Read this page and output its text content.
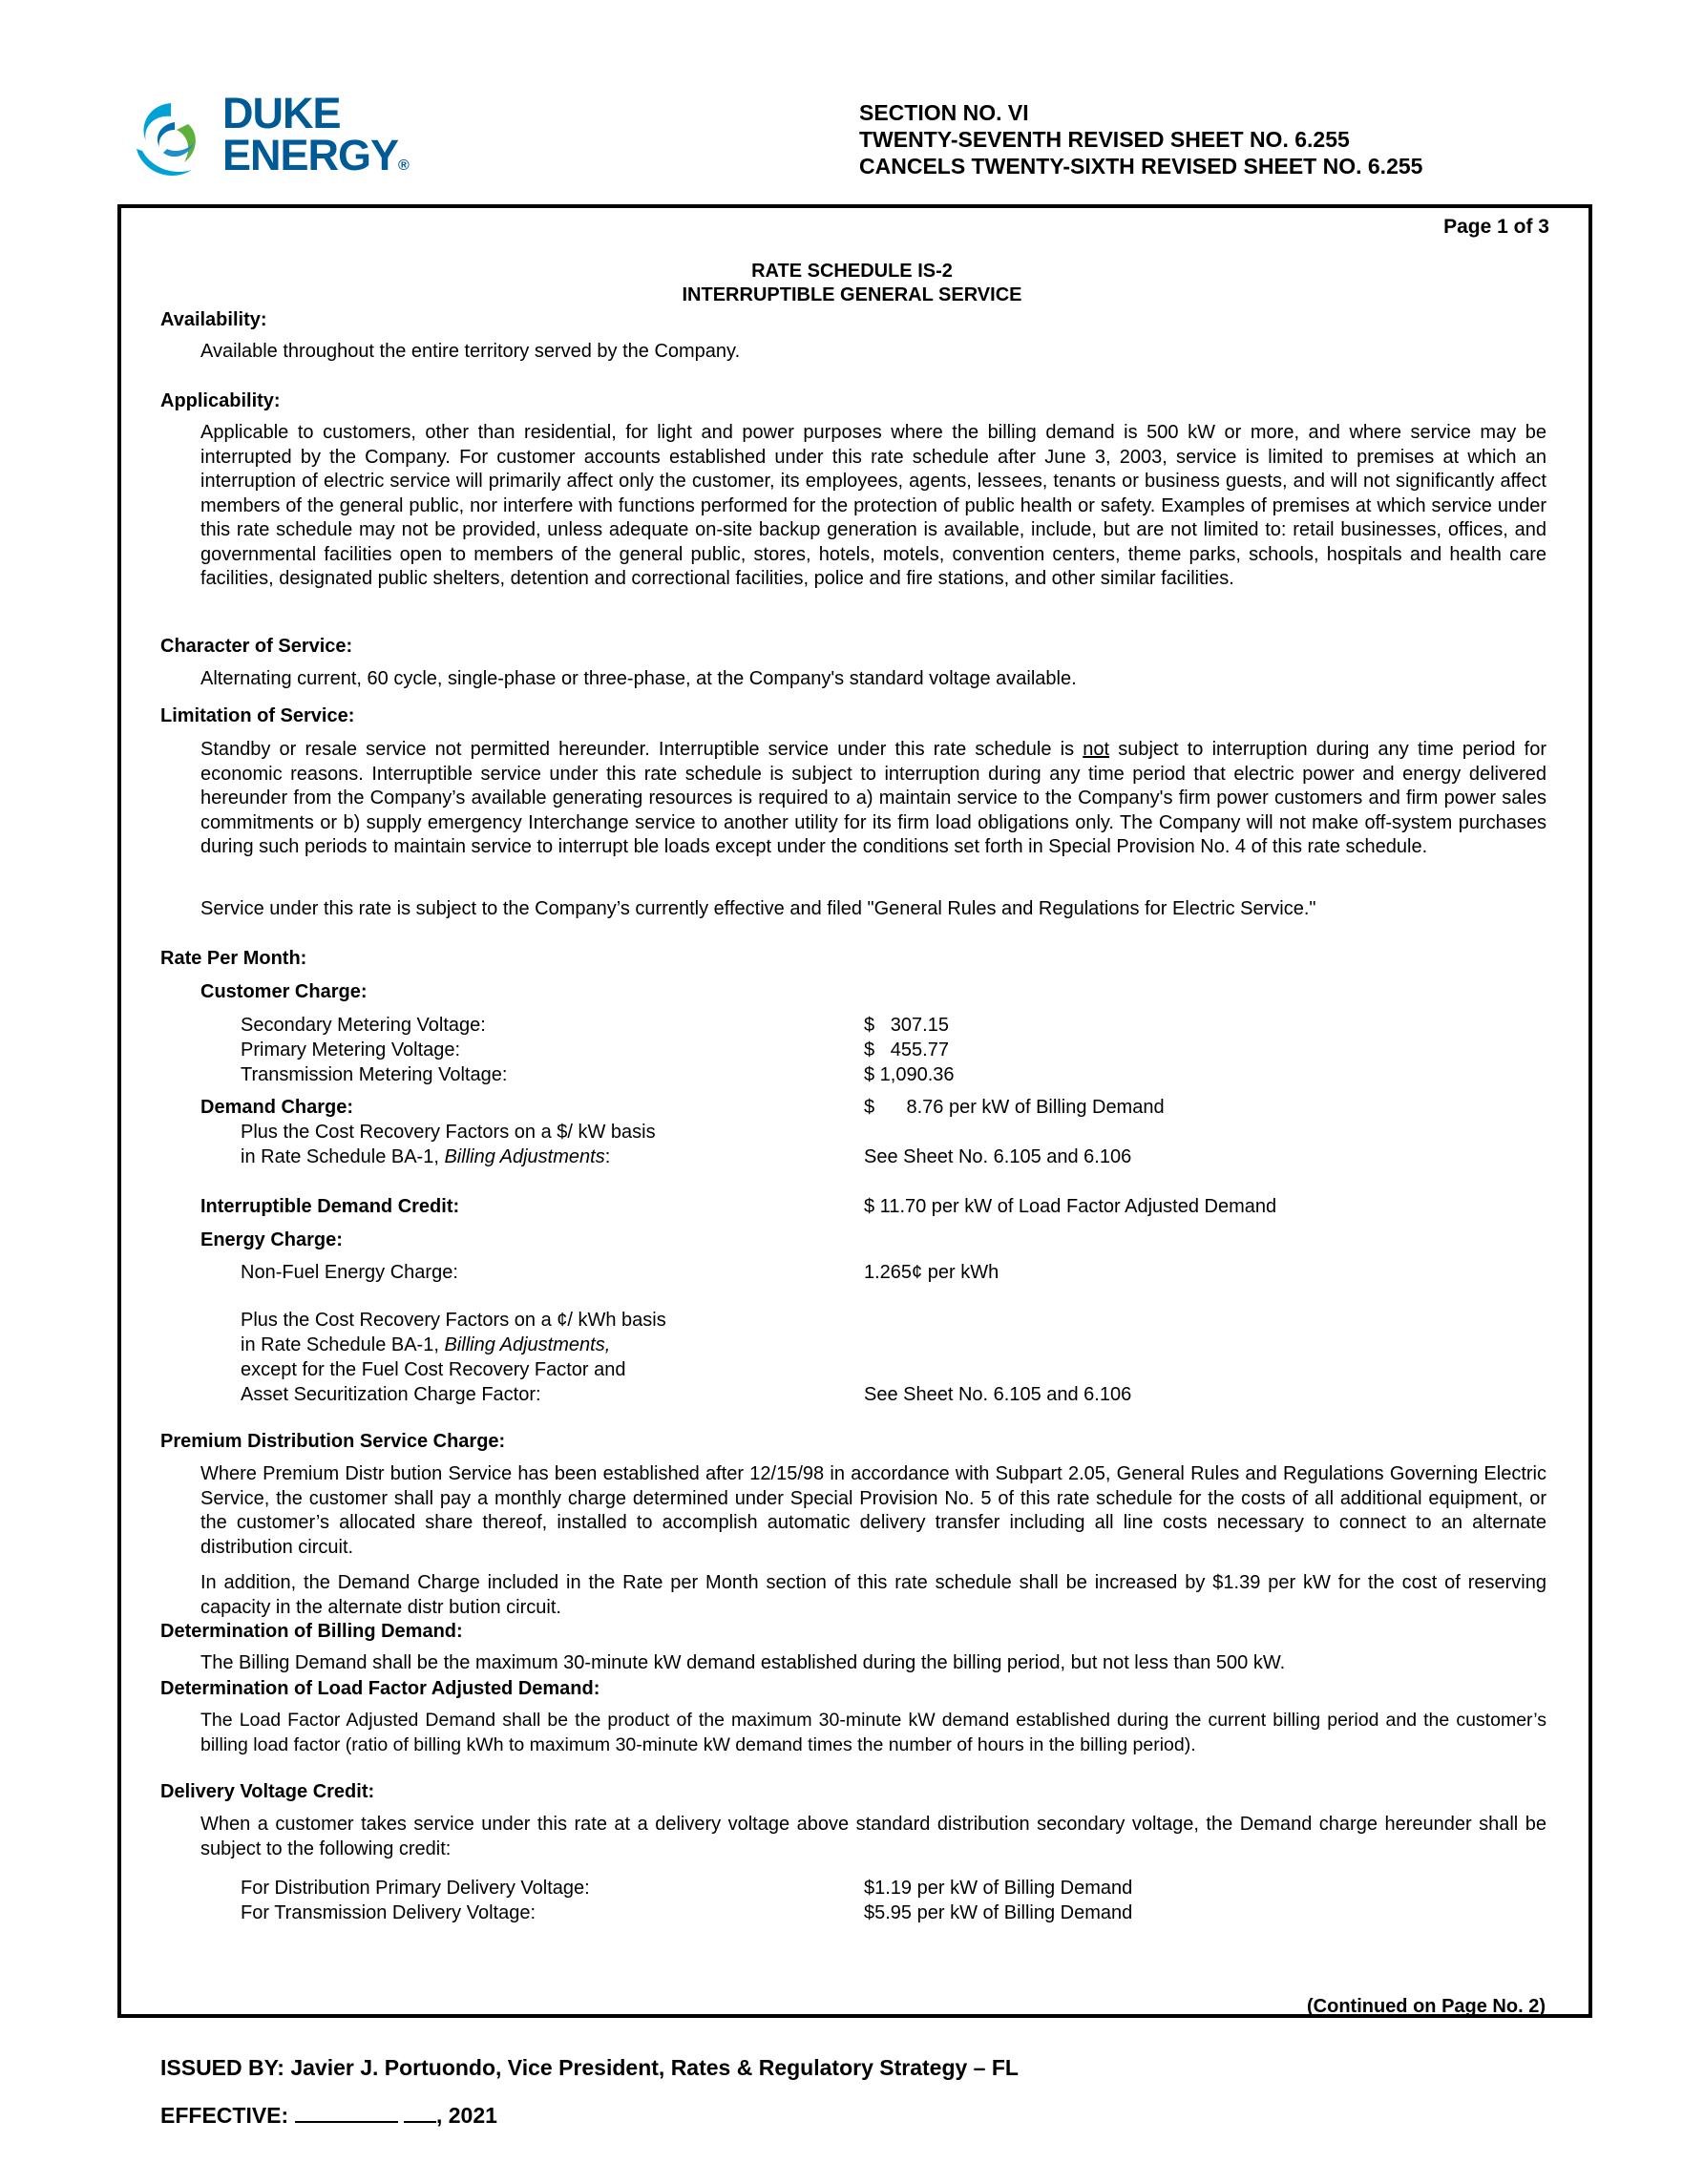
DUKE
ENERGY®
SECTION NO. VI
TWENTY-SEVENTH REVISED SHEET NO. 6.255
CANCELS TWENTY-SIXTH REVISED SHEET NO. 6.255
Page 1 of 3
RATE SCHEDULE IS-2
INTERRUPTIBLE GENERAL SERVICE
Availability:
Available throughout the entire territory served by the Company.
Applicability:
Applicable to customers, other than residential, for light and power purposes where the billing demand is 500 kW or more, and where service may be interrupted by the Company. For customer accounts established under this rate schedule after June 3, 2003, service is limited to premises at which an interruption of electric service will primarily affect only the customer, its employees, agents, lessees, tenants or business guests, and will not significantly affect members of the general public, nor interfere with functions performed for the protection of public health or safety. Examples of premises at which service under this rate schedule may not be provided, unless adequate on-site backup generation is available, include, but are not limited to: retail businesses, offices, and governmental facilities open to members of the general public, stores, hotels, motels, convention centers, theme parks, schools, hospitals and health care facilities, designated public shelters, detention and correctional facilities, police and fire stations, and other similar facilities.
Character of Service:
Alternating current, 60 cycle, single-phase or three-phase, at the Company's standard voltage available.
Limitation of Service:
Standby or resale service not permitted hereunder. Interruptible service under this rate schedule is not subject to interruption during any time period for economic reasons. Interruptible service under this rate schedule is subject to interruption during any time period that electric power and energy delivered hereunder from the Company’s available generating resources is required to a) maintain service to the Company's firm power customers and firm power sales commitments or b) supply emergency Interchange service to another utility for its firm load obligations only. The Company will not make off-system purchases during such periods to maintain service to interrupt ble loads except under the conditions set forth in Special Provision No. 4 of this rate schedule.
Service under this rate is subject to the Company’s currently effective and filed "General Rules and Regulations for Electric Service."
Rate Per Month:
Customer Charge:
Secondary Metering Voltage:	$   307.15
Primary Metering Voltage:	$   455.77
Transmission Metering Voltage:	$ 1,090.36
Demand Charge:	$      8.76 per kW of Billing Demand
Plus the Cost Recovery Factors on a $/ kW basis
in Rate Schedule BA-1, Billing Adjustments:	See Sheet No. 6.105 and 6.106
Interruptible Demand Credit:	$ 11.70 per kW of Load Factor Adjusted Demand
Energy Charge:
Non-Fuel Energy Charge:	1.265¢ per kWh
Plus the Cost Recovery Factors on a ¢/ kWh basis
in Rate Schedule BA-1, Billing Adjustments,
except for the Fuel Cost Recovery Factor and
Asset Securitization Charge Factor:	See Sheet No. 6.105 and 6.106
Premium Distribution Service Charge:
Where Premium Distr bution Service has been established after 12/15/98 in accordance with Subpart 2.05, General Rules and Regulations Governing Electric Service, the customer shall pay a monthly charge determined under Special Provision No. 5 of this rate schedule for the costs of all additional equipment, or the customer’s allocated share thereof, installed to accomplish automatic delivery transfer including all line costs necessary to connect to an alternate distribution circuit.
In addition, the Demand Charge included in the Rate per Month section of this rate schedule shall be increased by $1.39 per kW for the cost of reserving capacity in the alternate distr bution circuit.
Determination of Billing Demand:
The Billing Demand shall be the maximum 30-minute kW demand established during the billing period, but not less than 500 kW.
Determination of Load Factor Adjusted Demand:
The Load Factor Adjusted Demand shall be the product of the maximum 30-minute kW demand established during the current billing period and the customer’s billing load factor (ratio of billing kWh to maximum 30-minute kW demand times the number of hours in the billing period).
Delivery Voltage Credit:
When a customer takes service under this rate at a delivery voltage above standard distribution secondary voltage, the Demand charge hereunder shall be subject to the following credit:
For Distribution Primary Delivery Voltage:	$1.19 per kW of Billing Demand
For Transmission Delivery Voltage:	$5.95 per kW of Billing Demand
(Continued on Page No. 2)
ISSUED BY: Javier J. Portuondo, Vice President, Rates & Regulatory Strategy – FL
EFFECTIVE:	, 2021
